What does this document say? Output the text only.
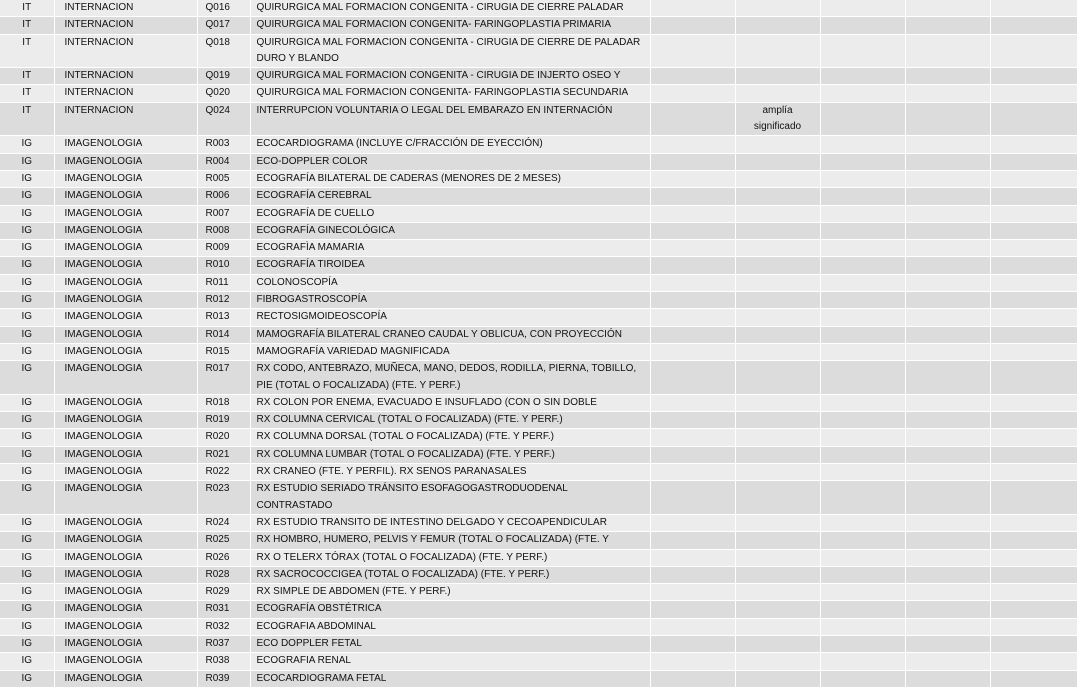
IT	INTERNACION	Q016	QUIRURGICA MAL FORMACION CONGENITA - CIRUGIA DE CIERRE PALADAR					
IT	INTERNACION	Q017	QUIRURGICA MAL FORMACION CONGENITA- FARINGOPLASTIA PRIMARIA					
IT	INTERNACION	Q018	QUIRURGICA MAL FORMACION CONGENITA - CIRUGIA DE CIERRE DE PALADAR DURO Y BLANDO					
IT	INTERNACION	Q019	QUIRURGICA MAL FORMACION CONGENITA - CIRUGIA DE INJERTO OSEO Y					
IT	INTERNACION	Q020	QUIRURGICA MAL FORMACION CONGENITA- FARINGOPLASTIA SECUNDARIA					
IT	INTERNACION	Q024	INTERRUPCION VOLUNTARIA O LEGAL DEL EMBARAZO EN INTERNACIÓN		amplía significado			
IG	IMAGENOLOGIA	R003	ECOCARDIOGRAMA (INCLUYE C/FRACCIÓN DE EYECCIÓN)					
IG	IMAGENOLOGIA	R004	ECO-DOPPLER COLOR					
IG	IMAGENOLOGIA	R005	ECOGRAFÍA BILATERAL DE CADERAS (MENORES DE 2 MESES)					
IG	IMAGENOLOGIA	R006	ECOGRAFÍA CEREBRAL					
IG	IMAGENOLOGIA	R007	ECOGRAFÍA DE CUELLO					
IG	IMAGENOLOGIA	R008	ECOGRAFÍA GINECOLÓGICA					
IG	IMAGENOLOGIA	R009	ECOGRAFÌA MAMARIA					
IG	IMAGENOLOGIA	R010	ECOGRAFÍA TIROIDEA					
IG	IMAGENOLOGIA	R011	COLONOSCOPÍA					
IG	IMAGENOLOGIA	R012	FIBROGASTROSCOPÍA					
IG	IMAGENOLOGIA	R013	RECTOSIGMOIDEOSCOPÍA					
IG	IMAGENOLOGIA	R014	MAMOGRAFÍA BILATERAL CRANEO CAUDAL Y OBLICUA, CON PROYECCIÓN					
IG	IMAGENOLOGIA	R015	MAMOGRAFÍA VARIEDAD MAGNIFICADA					
IG	IMAGENOLOGIA	R017	RX CODO, ANTEBRAZO, MUÑECA, MANO, DEDOS, RODILLA, PIERNA, TOBILLO, PIE (TOTAL O FOCALIZADA) (FTE. Y PERF.)					
IG	IMAGENOLOGIA	R018	RX COLON POR ENEMA, EVACUADO E INSUFLADO (CON O SIN DOBLE					
IG	IMAGENOLOGIA	R019	RX COLUMNA CERVICAL (TOTAL O FOCALIZADA) (FTE. Y PERF.)					
IG	IMAGENOLOGIA	R020	RX COLUMNA DORSAL (TOTAL O FOCALIZADA) (FTE. Y PERF.)					
IG	IMAGENOLOGIA	R021	RX COLUMNA LUMBAR (TOTAL O FOCALIZADA) (FTE. Y PERF.)					
IG	IMAGENOLOGIA	R022	RX CRANEO (FTE. Y PERFIL). RX SENOS PARANASALES					
IG	IMAGENOLOGIA	R023	RX ESTUDIO SERIADO TRÁNSITO ESOFAGOGASTRODUODENAL CONTRASTADO					
IG	IMAGENOLOGIA	R024	RX ESTUDIO TRANSITO DE INTESTINO DELGADO Y CECOAPENDICULAR					
IG	IMAGENOLOGIA	R025	RX HOMBRO, HUMERO, PELVIS Y FEMUR (TOTAL O FOCALIZADA) (FTE. Y					
IG	IMAGENOLOGIA	R026	RX O TELERX TÓRAX (TOTAL O FOCALIZADA) (FTE. Y PERF.)					
IG	IMAGENOLOGIA	R028	RX SACROCOCCIGEA (TOTAL O FOCALIZADA) (FTE. Y PERF.)					
IG	IMAGENOLOGIA	R029	RX SIMPLE DE ABDOMEN (FTE. Y PERF.)					
IG	IMAGENOLOGIA	R031	ECOGRAFÍA OBSTÉTRICA					
IG	IMAGENOLOGIA	R032	ECOGRAFIA ABDOMINAL					
IG	IMAGENOLOGIA	R037	ECO DOPPLER FETAL					
IG	IMAGENOLOGIA	R038	ECOGRAFIA RENAL					
IG	IMAGENOLOGIA	R039	ECOCARDIOGRAMA FETAL					
